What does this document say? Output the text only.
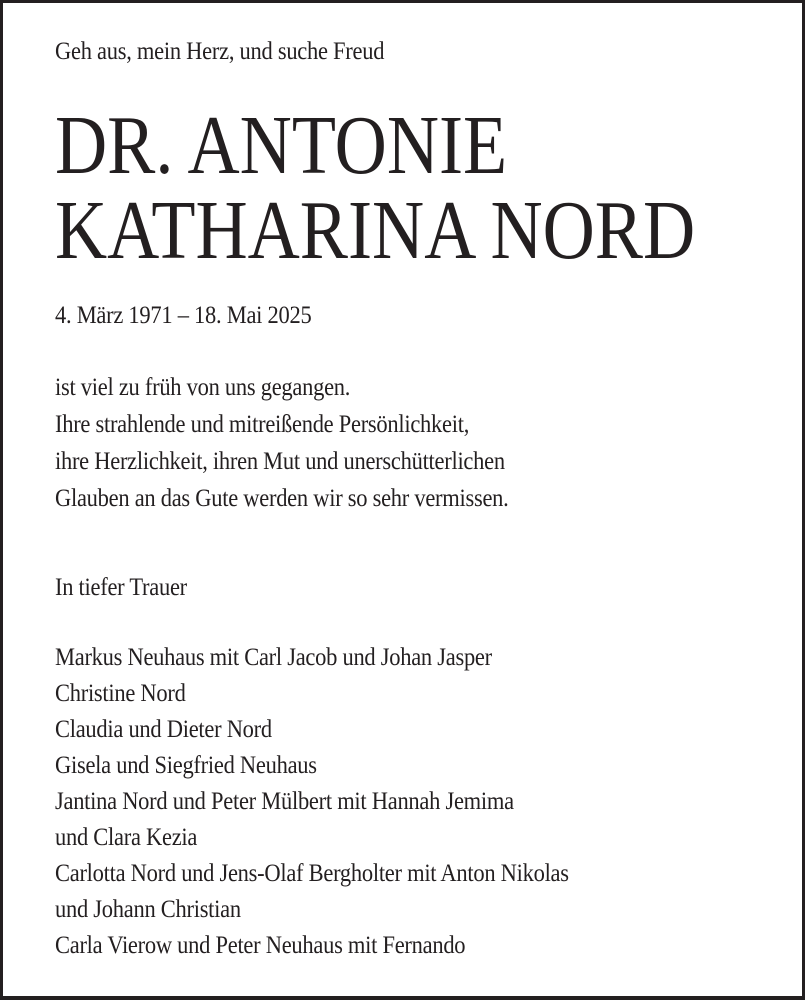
Geh aus, mein Herz, und suche Freud
DR. ANTONIE
KATHARINA NORD
4. März 1971 – 18. Mai 2025
ist viel zu früh von uns gegangen.
Ihre strahlende und mitreißende Persönlichkeit,
ihre Herzlichkeit, ihren Mut und unerschütterlichen
Glauben an das Gute werden wir so sehr vermissen.
In tiefer Trauer
Markus Neuhaus mit Carl Jacob und Johan Jasper
Christine Nord
Claudia und Dieter Nord
Gisela und Siegfried Neuhaus
Jantina Nord und Peter Mülbert mit Hannah Jemima
und Clara Kezia
Carlotta Nord und Jens-Olaf Bergholter mit Anton Nikolas
und Johann Christian
Carla Vierow und Peter Neuhaus mit Fernando
